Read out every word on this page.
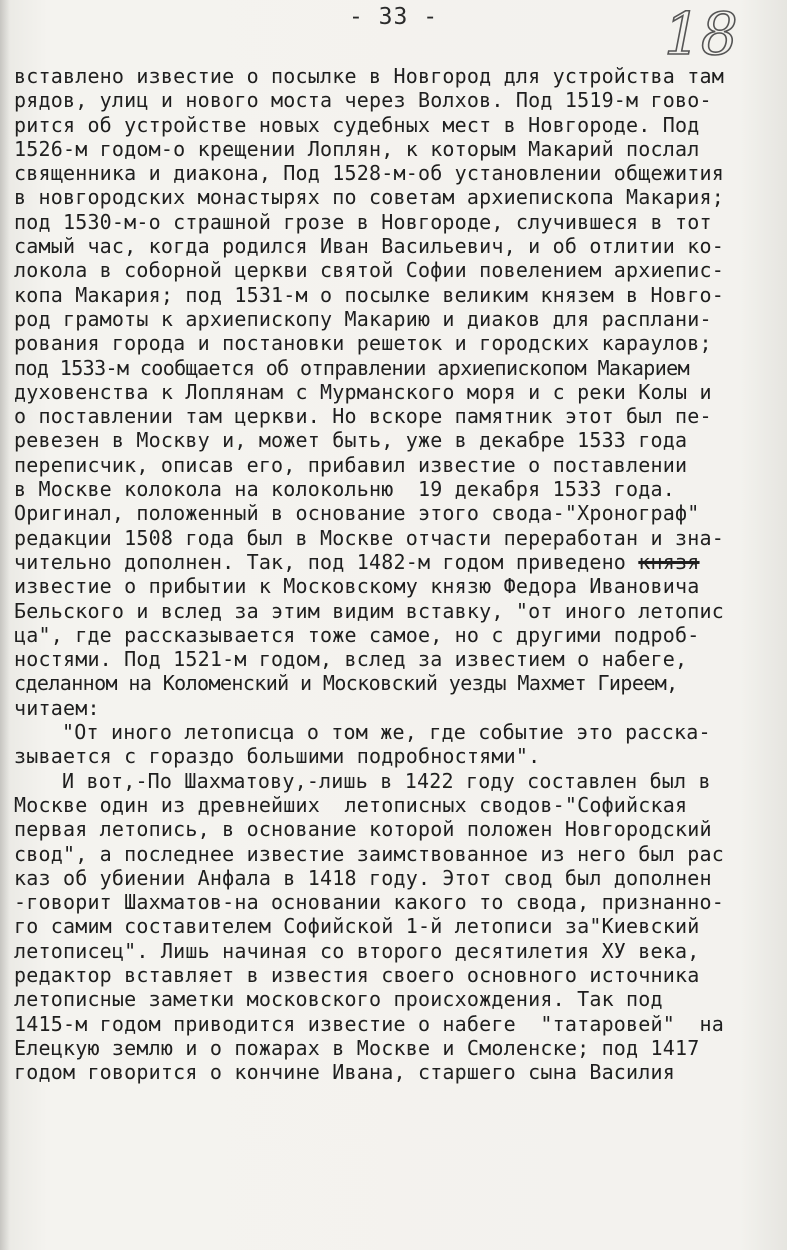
- 33 -	18
вставлено известие о посылке в Новгород для устройства там
рядов, улиц и нового моста через Волхов. Под 1519-м гово-
рится об устройстве новых судебных мест в Новгороде. Под
1526-м годом-о крещении Лоплян, к которым Макарий послал
священника и диакона, Под 1528-м-об установлении общежития
в новгородских монастырях по советам архиепископа Макария;
под 1530-м-о страшной грозе в Новгороде, случившеся в тот
самый час, когда родился Иван Васильевич, и об отлитии ко-
локола в соборной церкви святой Софии повелением архиепис-
копа Макария; под 1531-м о посылке великим князем в Новго-
род грамоты к архиепископу Макарию и диаков для расплани-
рования города и постановки решеток и городских караулов;
под 1533-м сообщается об отправлении архиепископом Макарием
духовенства к Лоплянам с Мурманского моря и с реки Колы и
о поставлении там церкви. Но вскоре памятник этот был пе-
ревезен в Москву и, может быть, уже в декабре 1533 года
переписчик, описав его, прибавил известие о поставлении
в Москве колокола на колокольню  19 декабря 1533 года.
Оригинал, положенный в основание этого свода-"Хронограф"
редакции 1508 года был в Москве отчасти переработан и зна-
чительно дополнен. Так, под 1482-м годом приведено князя
известие о прибытии к Московскому князю Федора Ивановича
Бельского и вслед за этим видим вставку, "от иного летопис
ца", где рассказывается тоже самое, но с другими подроб-
ностями. Под 1521-м годом, вслед за известием о набеге,
сделанном на Коломенский и Московский уезды Махмет Гиреем,
читаем:
"От иного летописца о том же, где событие это расска-
зывается с гораздо большими подробностями".
И вот,-По Шахматову,-лишь в 1422 году составлен был в
Москве один из древнейших  летописных сводов-"Софийская
первая летопись, в основание которой положен Новгородский
свод", а последнее известие заимствованное из него был рас
каз об убиении Анфала в 1418 году. Этот свод был дополнен
-говорит Шахматов-на основании какого то свода, признанно-
го самим составителем Софийской 1-й летописи за"Киевский
летописец". Лишь начиная со второго десятилетия ХУ века,
редактор вставляет в известия своего основного источника
летописные заметки московского происхождения. Так под
1415-м годом приводится известие о набеге  "татаровей"  на
Елецкую землю и о пожарах в Москве и Смоленске; под 1417
годом говорится о кончине Ивана, старшего сына Василия
